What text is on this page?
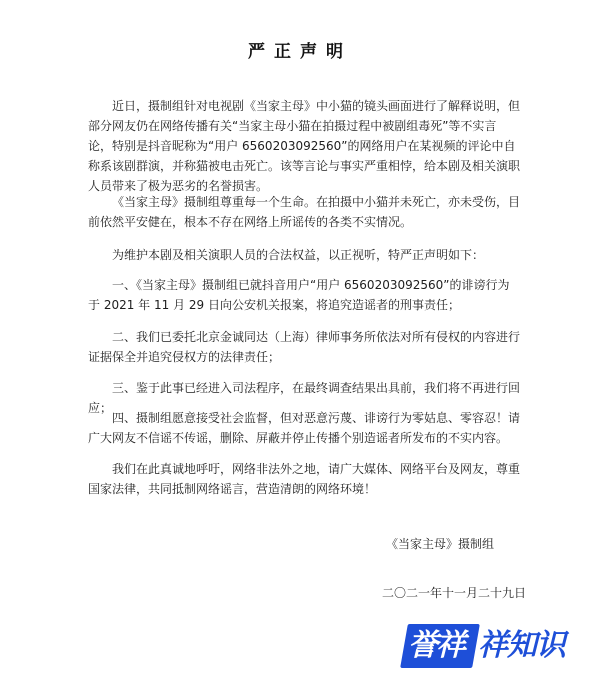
严正声明

近日，摄制组针对电视剧《当家主母》中小猫的镜头画面进行了解释说明，但部分网友仍在网络传播有关“当家主母小猫在拍摄过程中被剧组毒死”等不实言论，特别是抖音昵称为“用户 6560203092560”的网络用户在某视频的评论中自称系该剧群演，并称猫被电击死亡。该等言论与事实严重相悖，给本剧及相关演职人员带来了极为恶劣的名誉损害。

《当家主母》摄制组尊重每一个生命。在拍摄中小猫并未死亡，亦未受伤，目前依然平安健在，根本不存在网络上所谣传的各类不实情况。

为维护本剧及相关演职人员的合法权益，以正视听，特严正声明如下：

一、《当家主母》摄制组已就抖音用户“用户 6560203092560”的诽谤行为于 2021 年 11 月 29 日向公安机关报案，将追究造谣者的刑事责任；

二、我们已委托北京金诚同达（上海）律师事务所依法对所有侵权的内容进行证据保全并追究侵权方的法律责任；

三、鉴于此事已经进入司法程序，在最终调查结果出具前，我们将不再进行回应；

四、摄制组愿意接受社会监督，但对恶意污蔑、诽谤行为零姑息、零容忍！请广大网友不信谣不传谣，删除、屏蔽并停止传播个别造谣者所发布的不实内容。

我们在此真诚地呼吁，网络非法外之地，请广大媒体、网络平台及网友，尊重国家法律，共同抵制网络谣言，营造清朗的网络环境！

《当家主母》摄制组
二〇二一年十一月二十九日
誉祥 祥知识
